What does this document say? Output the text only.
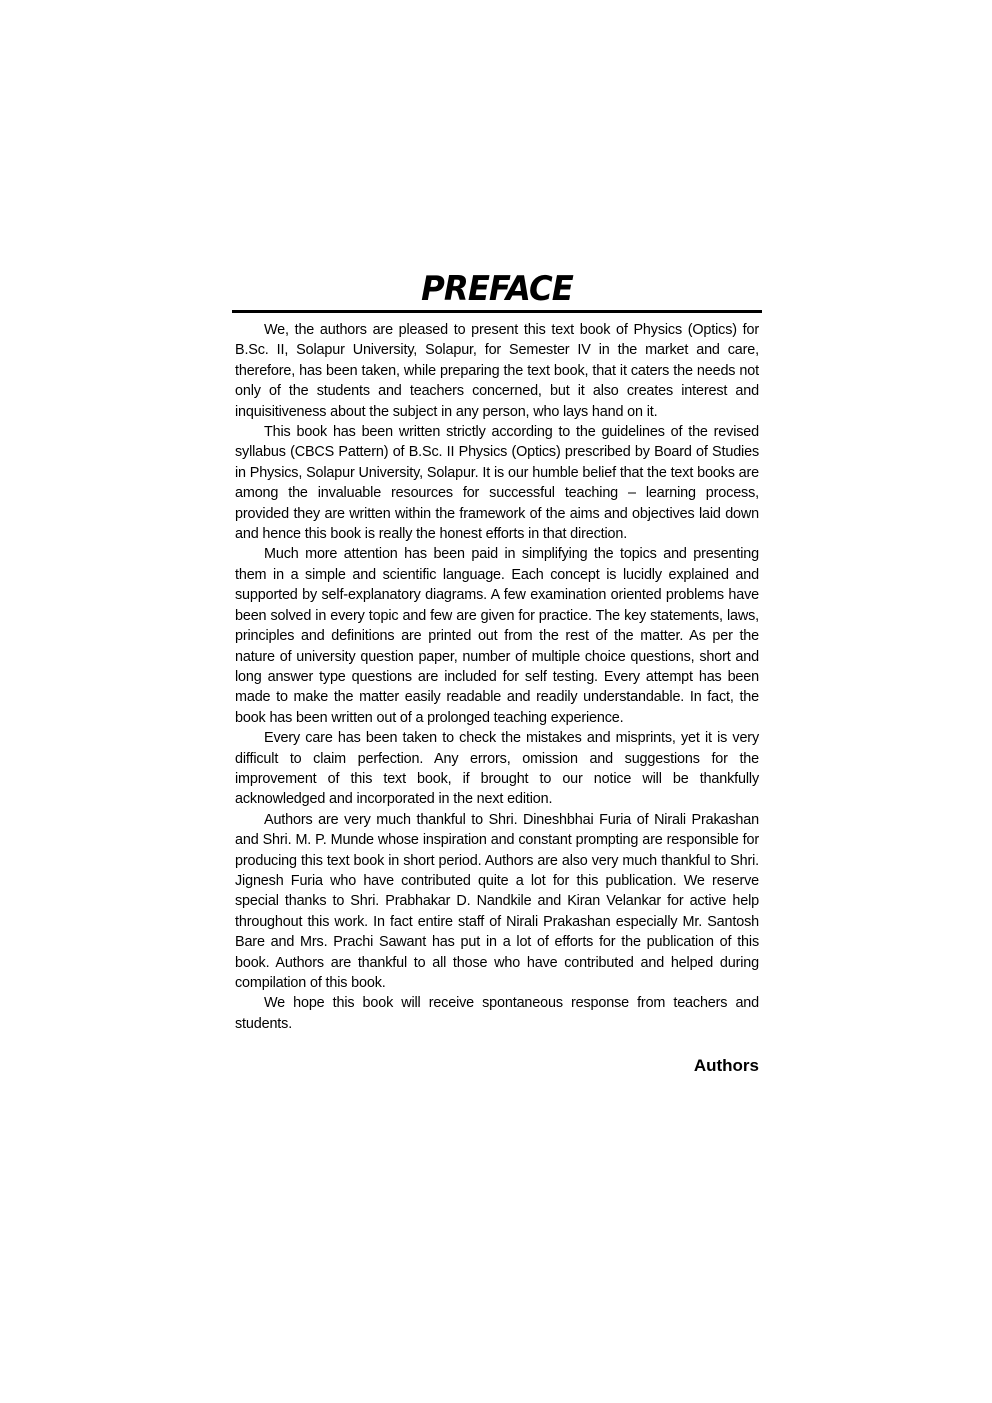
PREFACE

We, the authors are pleased to present this text book of Physics (Optics) for B.Sc. II, Solapur University, Solapur, for Semester IV in the market and care, therefore, has been taken, while preparing the text book, that it caters the needs not only of the students and teachers concerned, but it also creates interest and inquisitiveness about the subject in any person, who lays hand on it.

This book has been written strictly according to the guidelines of the revised syllabus (CBCS Pattern) of B.Sc. II Physics (Optics) prescribed by Board of Studies in Physics, Solapur University, Solapur. It is our humble belief that the text books are among the invaluable resources for successful teaching – learning process, provided they are written within the framework of the aims and objectives laid down and hence this book is really the honest efforts in that direction.

Much more attention has been paid in simplifying the topics and presenting them in a simple and scientific language. Each concept is lucidly explained and supported by self-explanatory diagrams. A few examination oriented problems have been solved in every topic and few are given for practice. The key statements, laws, principles and definitions are printed out from the rest of the matter. As per the nature of university question paper, number of multiple choice questions, short and long answer type questions are included for self testing. Every attempt has been made to make the matter easily readable and readily understandable. In fact, the book has been written out of a prolonged teaching experience.

Every care has been taken to check the mistakes and misprints, yet it is very difficult to claim perfection. Any errors, omission and suggestions for the improvement of this text book, if brought to our notice will be thankfully acknowledged and incorporated in the next edition.

Authors are very much thankful to Shri. Dineshbhai Furia of Nirali Prakashan and Shri. M. P. Munde whose inspiration and constant prompting are responsible for producing this text book in short period. Authors are also very much thankful to Shri. Jignesh Furia who have contributed quite a lot for this publication. We reserve special thanks to Shri. Prabhakar D. Nandkile and Kiran Velankar for active help throughout this work. In fact entire staff of Nirali Prakashan especially Mr. Santosh Bare and Mrs. Prachi Sawant has put in a lot of efforts for the publication of this book. Authors are thankful to all those who have contributed and helped during compilation of this book.

We hope this book will receive spontaneous response from teachers and students.

Authors
